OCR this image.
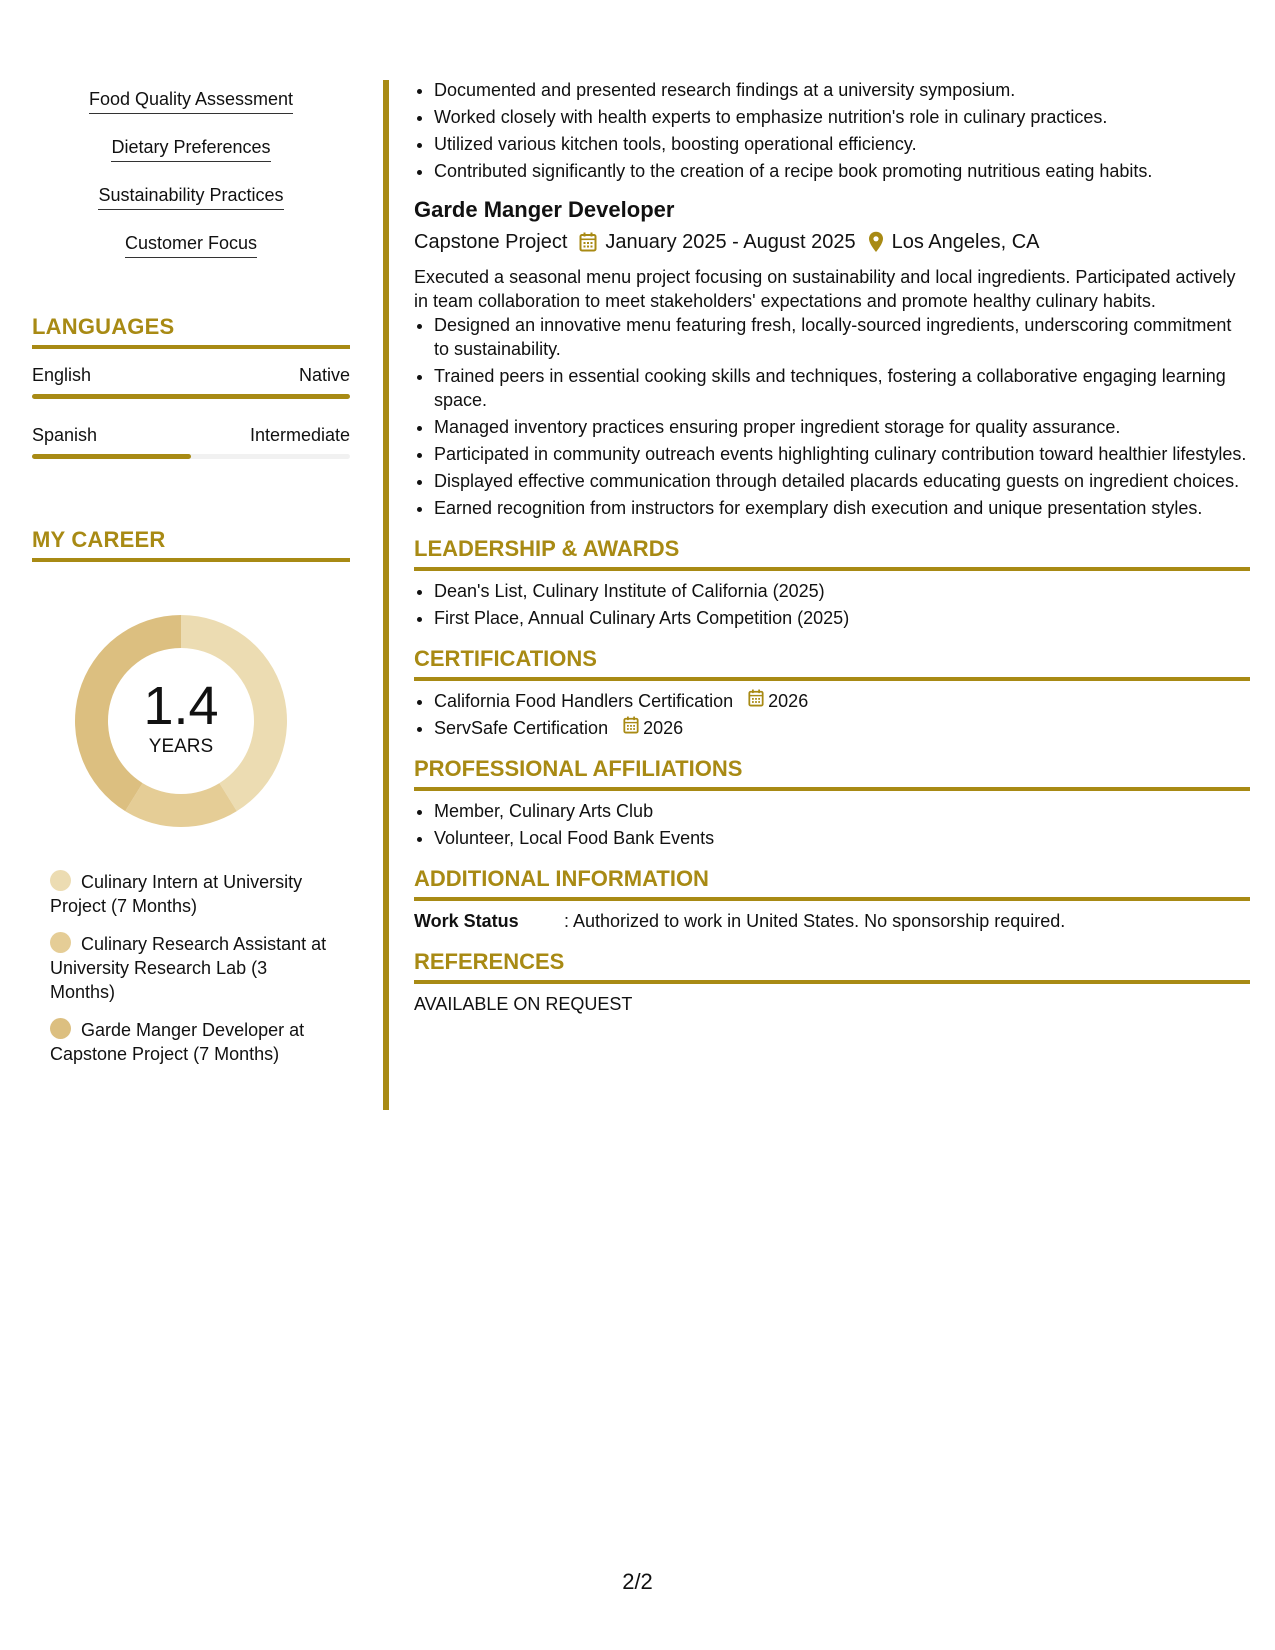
Food Quality Assessment
Dietary Preferences
Sustainability Practices
Customer Focus
LANGUAGES
English	Native
Spanish	Intermediate
MY CAREER
1.4
YEARS
Culinary Intern at University Project (7 Months)
Culinary Research Assistant at University Research Lab (3 Months)
Garde Manger Developer at Capstone Project (7 Months)
• Documented and presented research findings at a university symposium.
• Worked closely with health experts to emphasize nutrition's role in culinary practices.
• Utilized various kitchen tools, boosting operational efficiency.
• Contributed significantly to the creation of a recipe book promoting nutritious eating habits.
Garde Manger Developer
Capstone Project January 2025 - August 2025 Los Angeles, CA
Executed a seasonal menu project focusing on sustainability and local ingredients. Participated actively in team collaboration to meet stakeholders' expectations and promote healthy culinary habits.
• Designed an innovative menu featuring fresh, locally-sourced ingredients, underscoring commitment to sustainability.
• Trained peers in essential cooking skills and techniques, fostering a collaborative engaging learning space.
• Managed inventory practices ensuring proper ingredient storage for quality assurance.
• Participated in community outreach events highlighting culinary contribution toward healthier lifestyles.
• Displayed effective communication through detailed placards educating guests on ingredient choices.
• Earned recognition from instructors for exemplary dish execution and unique presentation styles.
LEADERSHIP & AWARDS
• Dean's List, Culinary Institute of California (2025)
• First Place, Annual Culinary Arts Competition (2025)
CERTIFICATIONS
• California Food Handlers Certification 2026
• ServSafe Certification 2026
PROFESSIONAL AFFILIATIONS
• Member, Culinary Arts Club
• Volunteer, Local Food Bank Events
ADDITIONAL INFORMATION
Work Status	: Authorized to work in United States. No sponsorship required.
REFERENCES
AVAILABLE ON REQUEST
2/2
